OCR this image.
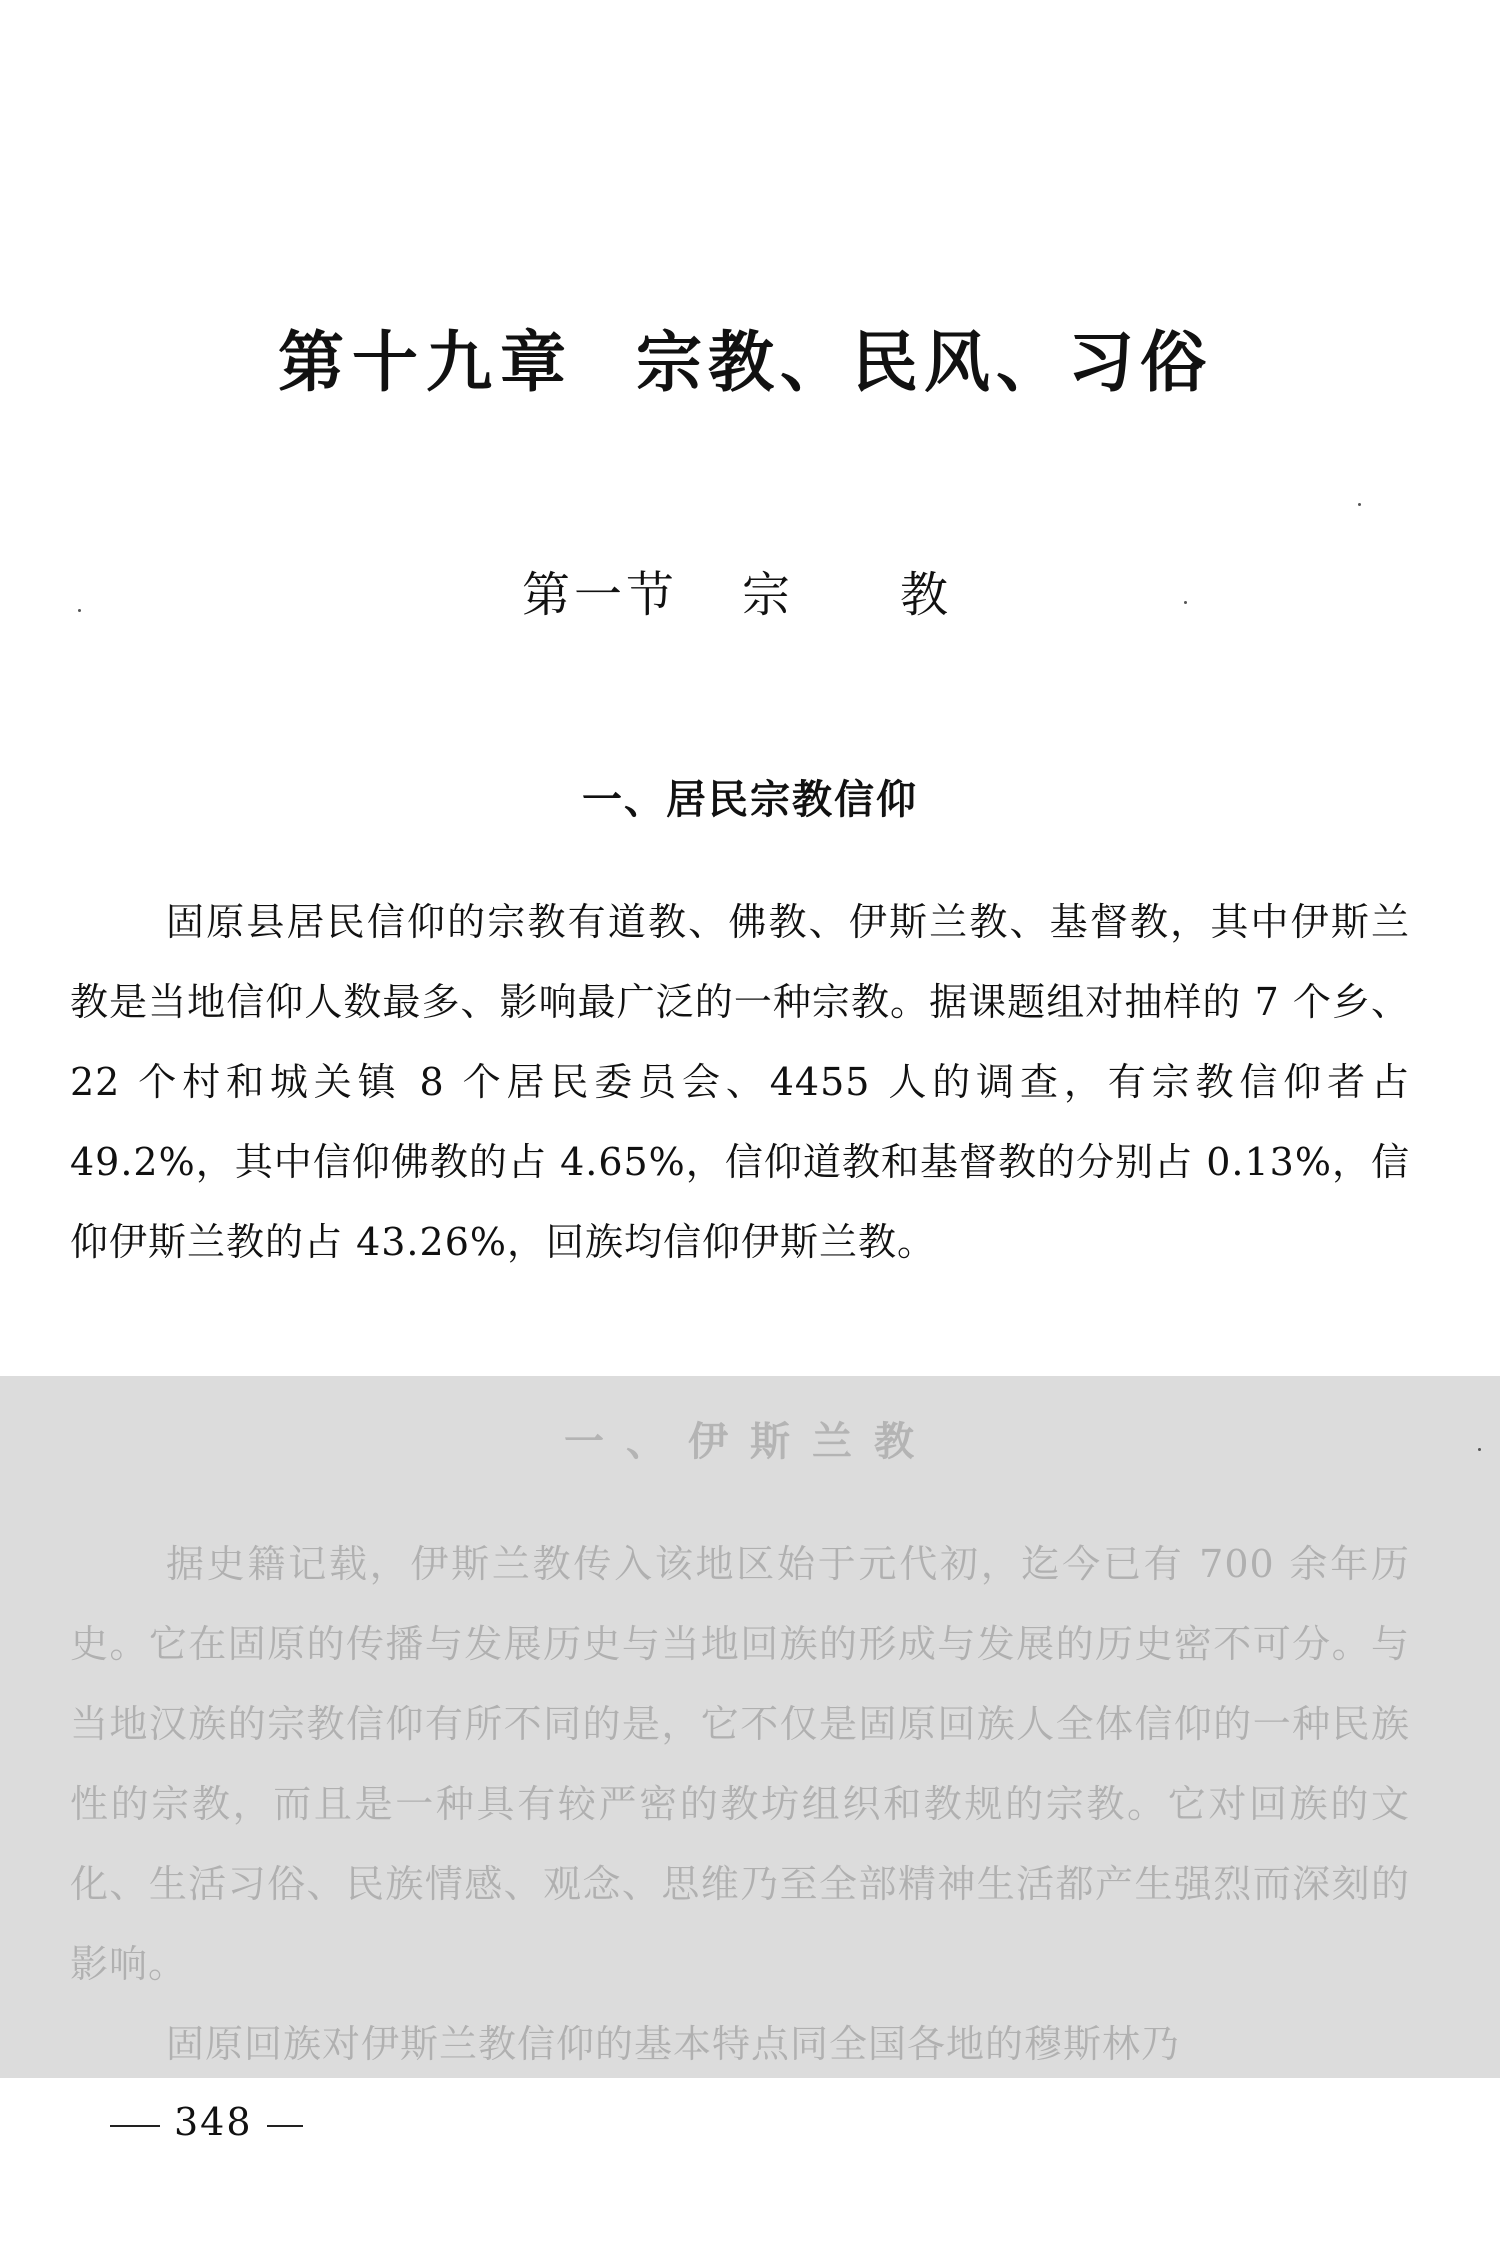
第十九章 宗教、民风、习俗
第一节 宗教
一、居民宗教信仰

固原县居民信仰的宗教有道教、佛教、伊斯兰教、基督教，其中伊斯兰教是当地信仰人数最多、影响最广泛的一种宗教。据课题组对抽样的 7 个乡、22 个村和城关镇 8 个居民委员会、4455 人的调查，有宗教信仰者占 49.2%，其中信仰佛教的占 4.65%，信仰道教和基督教的分别占 0.13%，信仰伊斯兰教的占 43.26%，回族均信仰伊斯兰教。

一、伊斯兰教

据史籍记载，伊斯兰教传入该地区始于元代初，迄今已有 700 余年历史。它在固原的传播与发展历史与当地回族的形成与发展的历史密不可分。与当地汉族的宗教信仰有所不同的是，它不仅是固原回族人全体信仰的一种民族性的宗教，而且是一种具有较严密的教坊组织和教规的宗教。它对回族的文化、生活习俗、民族情感、观念、思维乃至全部精神生活都产生强烈而深刻的影响。

固原回族对伊斯兰教信仰的基本特点同全国各地的穆斯林乃

348
